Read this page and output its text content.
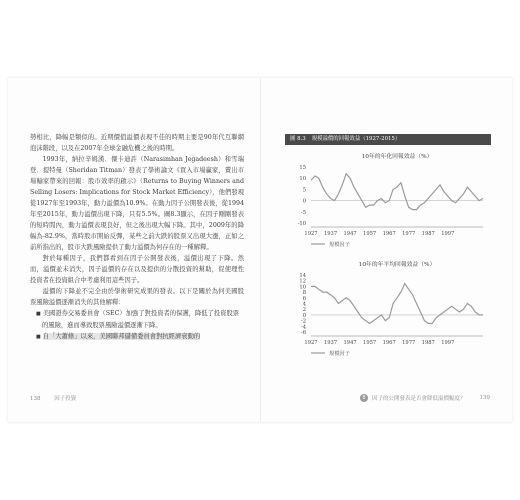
勢相比，降幅是類似的。近期價值溢價表現不佳的時期主要是90年代互聯網泡沫階段，以及在2007年全球金融危機之後的時期。

1993年，納拉辛姆漢．傑卡迪許（Narasimhan Jegadeesh）和雪瑞登．提特曼（Sheridan Titman）發表了學術論文《買入市場贏家，賣出市場輸家帶來的回報：股市效率的啟示》（Returns to Buying Winners and Selling Losers: Implications for Stock Market Efficiency），他們發現從1927年至1993年，動力溢價為10.9%。在動力因子公開發表後，從1994年至2015年，動力溢價出現下降，只有5.5%。圖8.3顯示，在因子剛剛發表的短時間內，動力溢價表現良好，但之後出現大幅下降。其中，2009年的降幅為-82.9%，當時股市開始反彈，某些之前大跌的股票又出現大漲，正如之前所指出的，股市大跌風險提供了動力溢價為何存在的一種解釋。

對於每種因子，我們都看到在因子公開發表後，溢價出現了下降。然而，溢價並未消失，因子溢價的存在以及提供的分散投資的幫助，促使理性投資者在投資組合中考慮利用這些因子。

溢價的下降並不完全由於學術研究成果的發表。以下是關於為何美國股票風險溢價逐漸消失的其他解釋：

■ 美國證券交易委員會（SEC）加強了對投資者的保護，降低了投資股票的風險，進而導致股票風險溢價逐漸下降。

■ 自「大蕭條」以來，美國聯邦儲備委員會對抗經濟衰動的

138	因子投資
圖 8.3 規模溢價的回報效益（1927-2015）
10年的年化回報效益（%）
-10
-5
0
5
10
15
1927 1937 1947 1957 1967 1977 1987 1997
規模因子
10年的年平均回報效益（%）
-6
-4
-2
0
2
4
6
8
10
12
14
1927 1937 1947 1957 1967 1977 1987 1997
規模因子
8	因子的公開發表是否會降低溢價幅度？	139
